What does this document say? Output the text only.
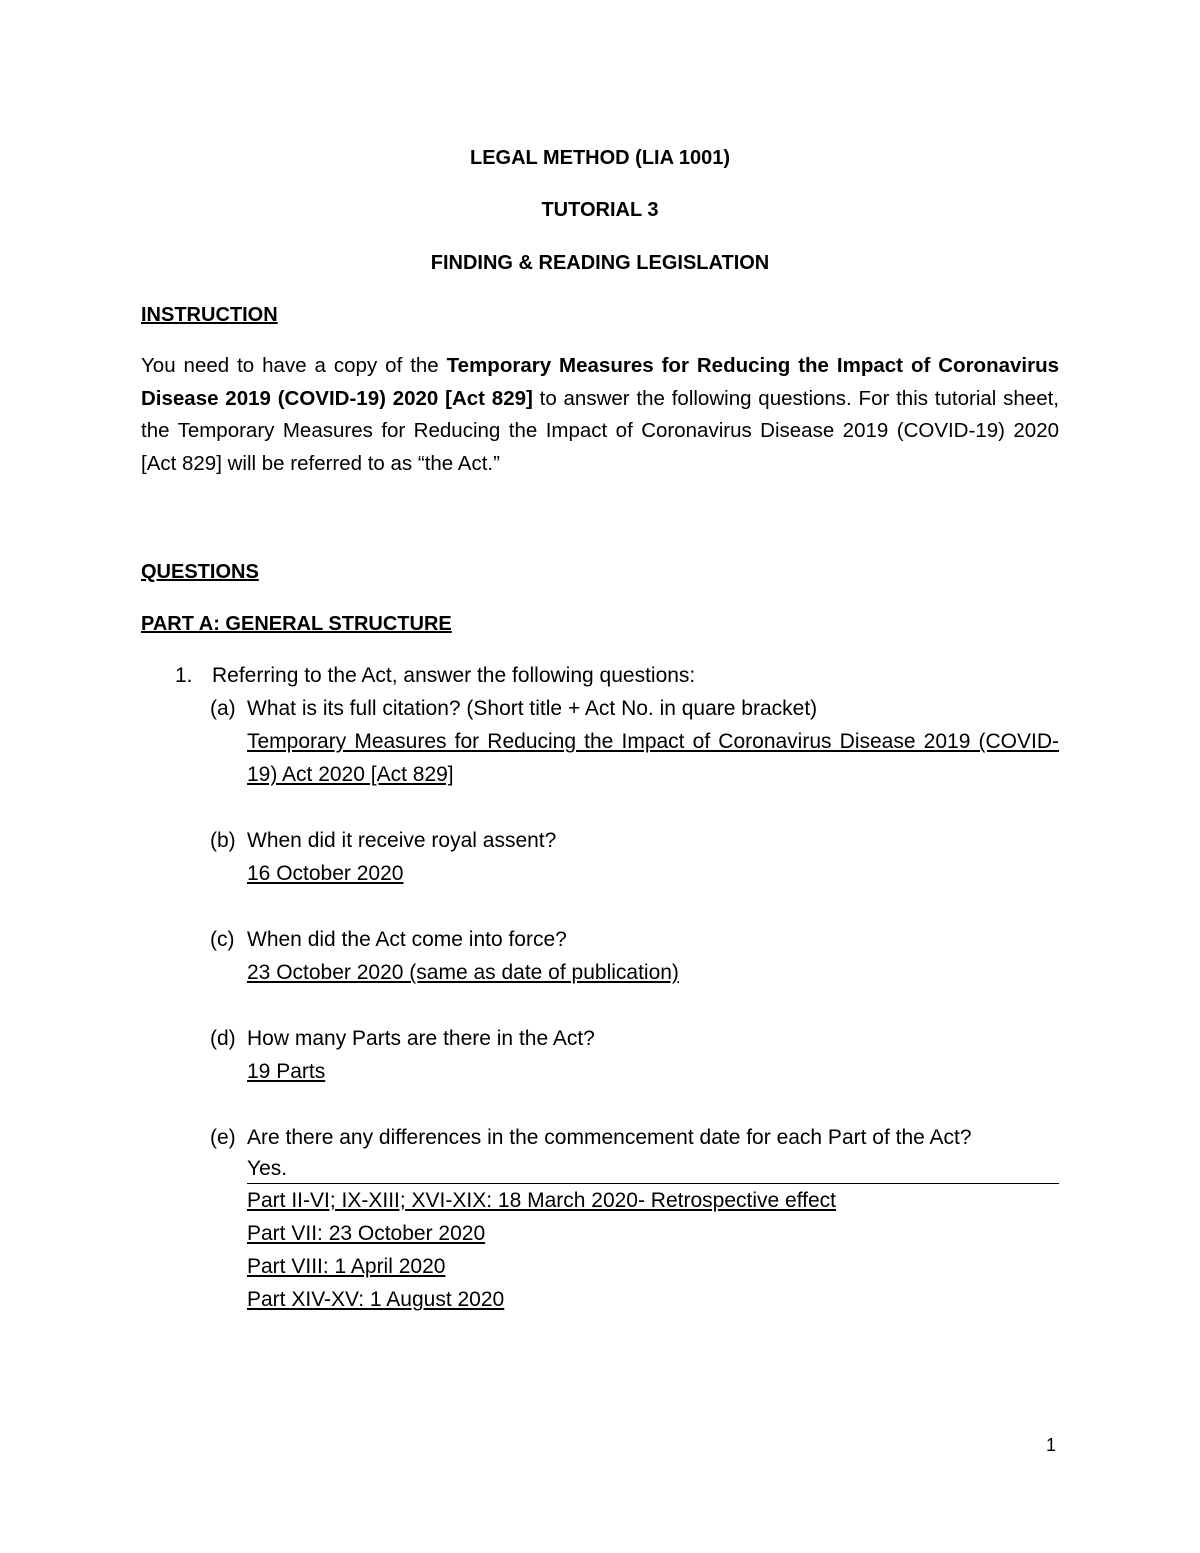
LEGAL METHOD (LIA 1001)
TUTORIAL 3
FINDING & READING LEGISLATION
INSTRUCTION
You need to have a copy of the Temporary Measures for Reducing the Impact of Coronavirus Disease 2019 (COVID-19) 2020 [Act 829] to answer the following questions. For this tutorial sheet, the Temporary Measures for Reducing the Impact of Coronavirus Disease 2019 (COVID-19) 2020 [Act 829] will be referred to as “the Act.”
QUESTIONS
PART A: GENERAL STRUCTURE
1. Referring to the Act, answer the following questions:
(a) What is its full citation? (Short title + Act No. in quare bracket)
Temporary Measures for Reducing the Impact of Coronavirus Disease 2019 (COVID-19) Act 2020 [Act 829]
(b) When did it receive royal assent?
16 October 2020
(c) When did the Act come into force?
23 October 2020 (same as date of publication)
(d) How many Parts are there in the Act?
19 Parts
(e) Are there any differences in the commencement date for each Part of the Act?
Yes.
Part II-VI; IX-XIII; XVI-XIX: 18 March 2020- Retrospective effect
Part VII: 23 October 2020
Part VIII: 1 April 2020
Part XIV-XV: 1 August 2020
1
